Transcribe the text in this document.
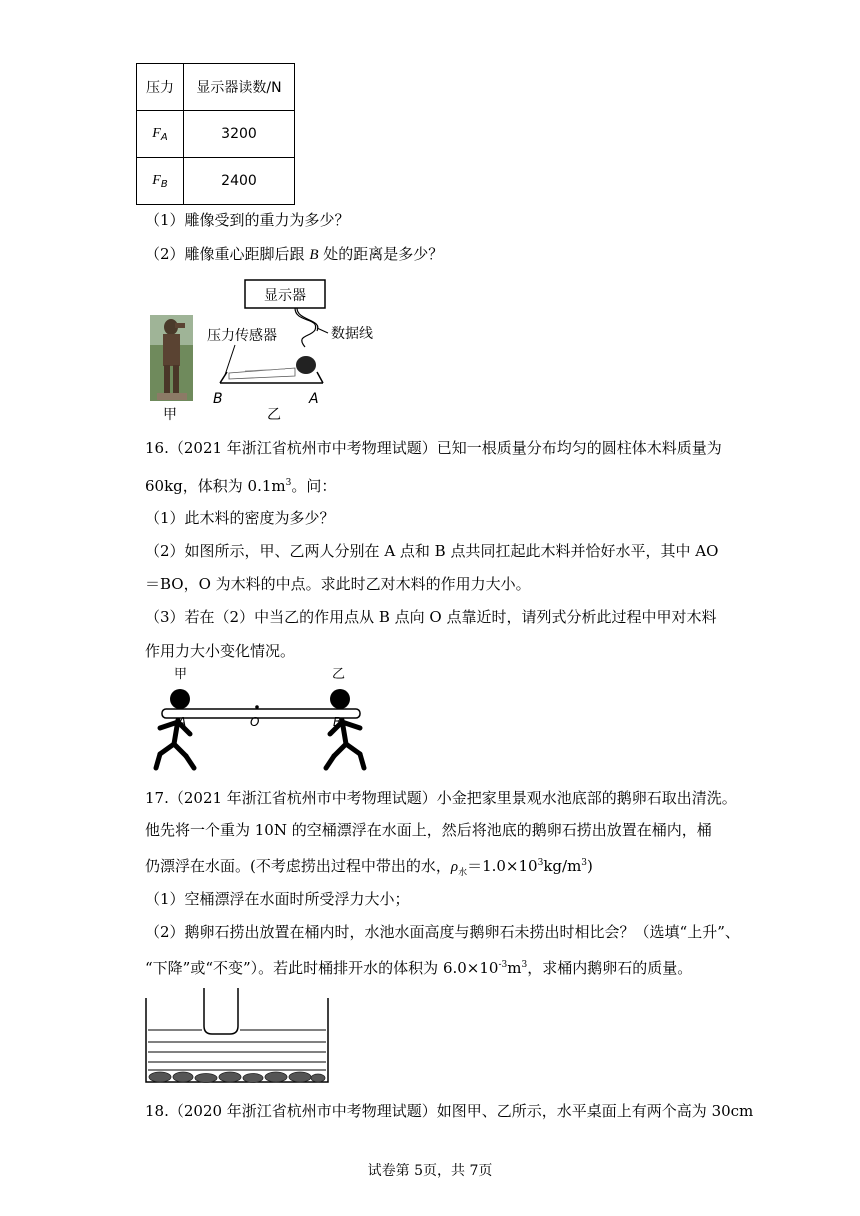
压力	显示器读数/N
$F_A$	3200
$F_B$	2400
（1）雕像受到的重力为多少？
（2）雕像重心距脚后跟 B 处的距离是多少？
甲
显示器
数据线
压力传感器
B	A
乙
16.（2021 年浙江省杭州市中考物理试题）已知一根质量分布均匀的圆柱体木料质量为
60kg，体积为 $0.1m^3$。问：
（1）此木料的密度为多少？
（2）如图所示，甲、乙两人分别在 A 点和 B 点共同扛起此木料并恰好水平，其中 AO
＝BO，O 为木料的中点。求此时乙对木料的作用力大小。
（3）若在（2）中当乙的作用点从 B 点向 O 点靠近时，请列式分析此过程中甲对木料
作用力大小变化情况。
甲	乙
A	O	B
17.（2021 年浙江省杭州市中考物理试题）小金把家里景观水池底部的鹅卵石取出清洗。
他先将一个重为 10N 的空桶漂浮在水面上，然后将池底的鹅卵石捞出放置在桶内，桶
仍漂浮在水面。(不考虑捞出过程中带出的水，$\rho_水=1.0\times 10^3kg/m^3$)
（1）空桶漂浮在水面时所受浮力大小；
（2）鹅卵石捞出放置在桶内时，水池水面高度与鹅卵石未捞出时相比会？（选填“上升”、
“下降”或“不变”）。若此时桶排开水的体积为 $6.0\times 10^{-3}m^3$，求桶内鹅卵石的质量。
18.（2020 年浙江省杭州市中考物理试题）如图甲、乙所示，水平桌面上有两个高为 30cm
试卷第 5页，共 7页
